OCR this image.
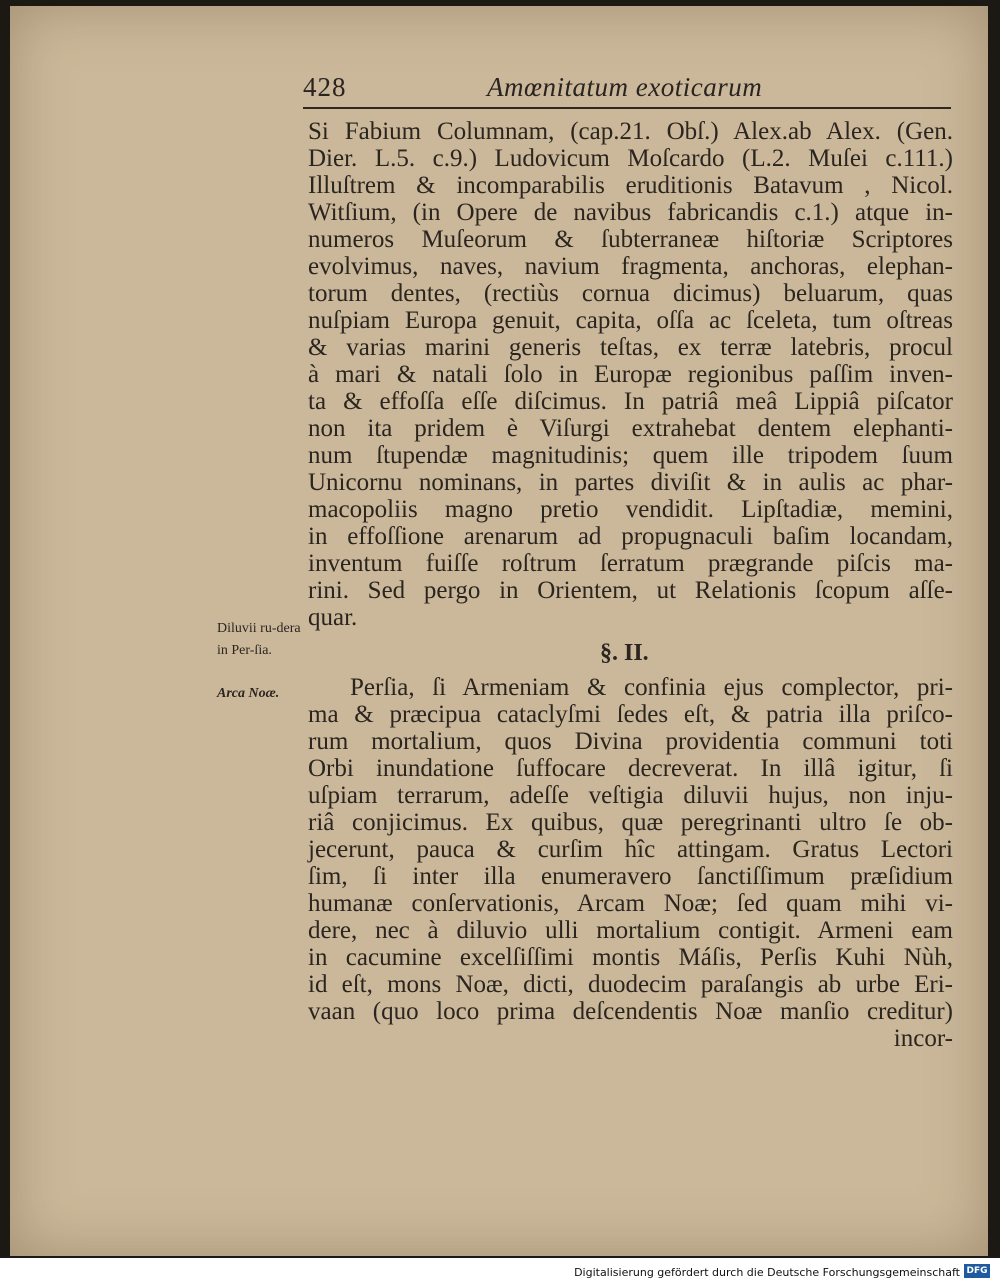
428	Amœnitatum exoticarum
Si Fabium Columnam, (cap.21. Obſ.) Alex.ab Alex. (Gen.
Dier. L.5. c.9.) Ludovicum Moſcardo (L.2. Muſei c.111.)
Illuſtrem & incomparabilis eruditionis Batavum , Nicol.
Witſium, (in Opere de navibus fabricandis c.1.) atque in-
numeros Muſeorum & ſubterraneæ hiſtoriæ Scriptores
evolvimus, naves, navium fragmenta, anchoras, elephan-
torum dentes, (rectiùs cornua dicimus) beluarum, quas
nuſpiam Europa genuit, capita, oſſa ac ſceleta, tum oſtreas
& varias marini generis teſtas, ex terræ latebris, procul
à mari & natali ſolo in Europæ regionibus paſſim inven-
ta & effoſſa eſſe diſcimus. In patriâ meâ Lippiâ piſcator
non ita pridem è Viſurgi extrahebat dentem elephanti-
num ſtupendæ magnitudinis; quem ille tripodem ſuum
Unicornu nominans, in partes diviſit & in aulis ac phar-
macopoliis magno pretio vendidit. Lipſtadiæ, memini,
in effoſſione arenarum ad propugnaculi baſim locandam,
inventum fuiſſe roſtrum ſerratum prægrande piſcis ma-
rini. Sed pergo in Orientem, ut Relationis ſcopum aſſe-
quar.
Diluvii ru-dera in Per-ſia.
Arca Noæ.
§. II.
Perſia, ſi Armeniam & confinia ejus complector, pri-
ma & præcipua cataclyſmi ſedes eſt, & patria illa priſco-
rum mortalium, quos Divina providentia communi toti
Orbi inundatione ſuffocare decreverat. In illâ igitur, ſi
uſpiam terrarum, adeſſe veſtigia diluvii hujus, non inju-
riâ conjicimus. Ex quibus, quæ peregrinanti ultro ſe ob-
jecerunt, pauca & curſim hîc attingam. Gratus Lectori
ſim, ſi inter illa enumeravero ſanctiſſimum præſidium
humanæ conſervationis, Arcam Noæ; ſed quam mihi vi-
dere, nec à diluvio ulli mortalium contigit. Armeni eam
in cacumine excelſiſſimi montis Máſis, Perſis Kuhi Nùh,
id eſt, mons Noæ, dicti, duodecim paraſangis ab urbe Eri-
vaan (quo loco prima deſcendentis Noæ manſio creditur)
incor-
Digitalisierung gefördert durch die Deutsche Forschungsgemeinschaft DFG
